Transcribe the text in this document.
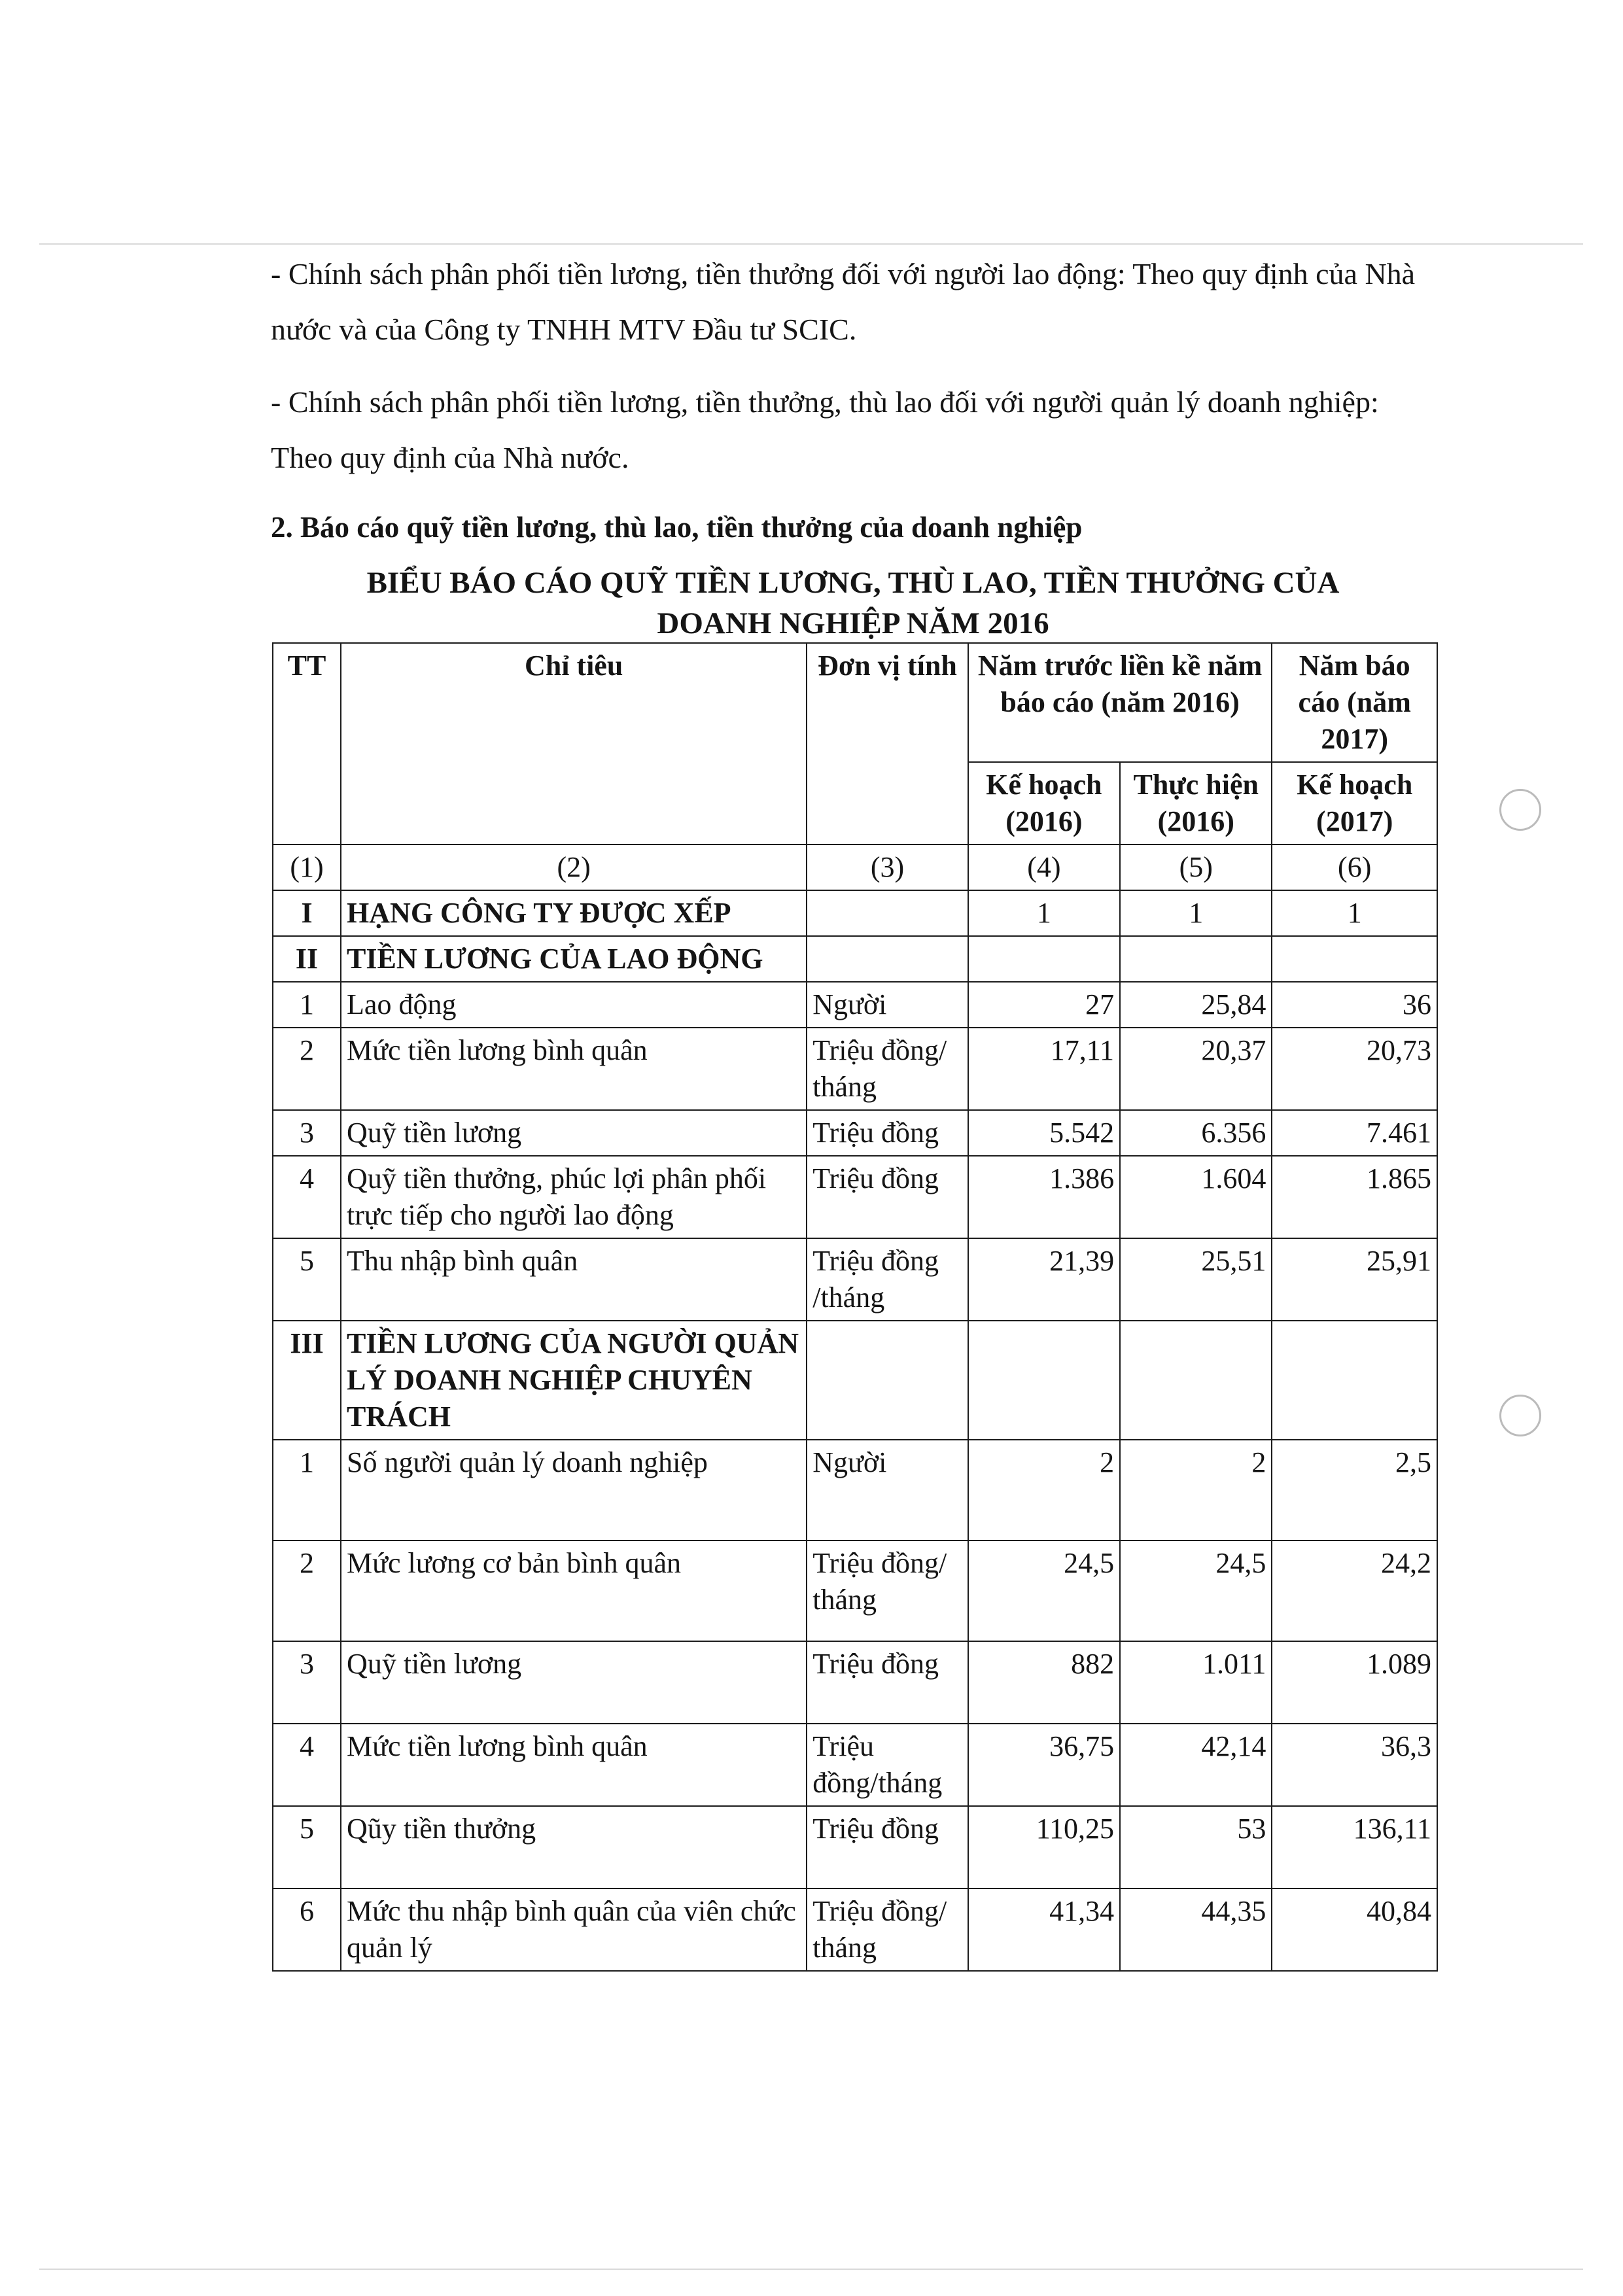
- Chính sách phân phối tiền lương, tiền thưởng đối với người lao động: Theo quy định của Nhà nước và của Công ty TNHH MTV Đầu tư SCIC.

- Chính sách phân phối tiền lương, tiền thưởng, thù lao đối với người quản lý doanh nghiệp: Theo quy định của Nhà nước.

2. Báo cáo quỹ tiền lương, thù lao, tiền thưởng của doanh nghiệp

BIỂU BÁO CÁO QUỸ TIỀN LƯƠNG, THÙ LAO, TIỀN THƯỞNG CỦA
DOANH NGHIỆP NĂM 2016
TT	Chỉ tiêu	Đơn vị tính	Năm trước liền kề năm báo cáo (năm 2016)		Năm báo cáo (năm 2017)
			Kế hoạch (2016)	Thực hiện (2016)	Kế hoạch (2017)
(1)	(2)	(3)	(4)	(5)	(6)
I	HẠNG CÔNG TY ĐƯỢC XẾP		1	1	1
II	TIỀN LƯƠNG CỦA LAO ĐỘNG				
1	Lao động	Người	27	25,84	36
2	Mức tiền lương bình quân	Triệu đồng/ tháng	17,11	20,37	20,73
3	Quỹ tiền lương	Triệu đồng	5.542	6.356	7.461
4	Quỹ tiền thưởng, phúc lợi phân phối trực tiếp cho người lao động	Triệu đồng	1.386	1.604	1.865
5	Thu nhập bình quân	Triệu đồng /tháng	21,39	25,51	25,91
III	TIỀN LƯƠNG CỦA NGƯỜI QUẢN LÝ DOANH NGHIỆP CHUYÊN TRÁCH				
1	Số người quản lý doanh nghiệp	Người	2	2	2,5
2	Mức lương cơ bản bình quân	Triệu đồng/ tháng	24,5	24,5	24,2
3	Quỹ tiền lương	Triệu đồng	882	1.011	1.089
4	Mức tiền lương bình quân	Triệu đồng/tháng	36,75	42,14	36,3
5	Qũy tiền thưởng	Triệu đồng	110,25	53	136,11
6	Mức thu nhập bình quân của viên chức quản lý	Triệu đồng/ tháng	41,34	44,35	40,84
